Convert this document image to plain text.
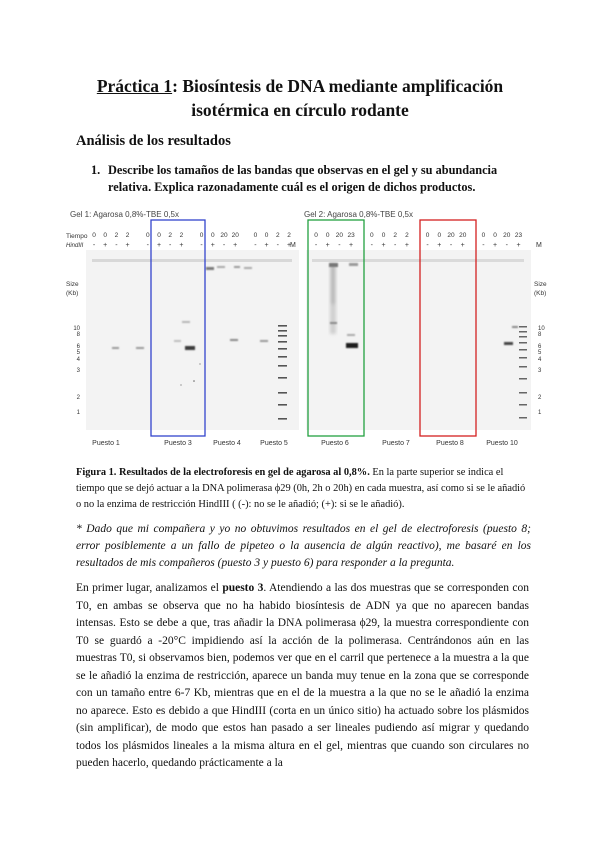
Práctica 1: Biosíntesis de DNA mediante amplificación
isotérmica en círculo rodante
Análisis de los resultados
1. Describe los tamaños de las bandas que observas en el gel y su abundancia relativa. Explica razonadamente cuál es el origen de dichos productos.
Gel 1: Agarosa 0,8%-TBE 0,5x
Tiempo
HindIII
0 0 2 2	0 0 2 2	0 0 20 20 0 0 2 2
- + - + - + - + - + - + - + - +
M
Gel 2: Agarosa 0,8%-TBE 0,5x
0 0 20 23 0 0 2 2	0 0 20 20 0 0 20 23
- + - + - + - + - + - + - + - + M
Size
(Kb)
Size
(Kb)
10
8
6
5
4
3
2
1
10
8
6
5
4
3
2
1
Puesto 1	Puesto 3	Puesto 4	Puesto 5	Puesto 6	Puesto 7	Puesto 8	Puesto 10
Figura 1. Resultados de la electroforesis en gel de agarosa al 0,8%. En la parte superior se indica el tiempo que se dejó actuar a la DNA polimerasa ϕ29 (0h, 2h o 20h) en cada muestra, así como si se le añadió o no la enzima de restricción HindIII ( (-): no se le añadió; (+): si se le añadió).
* Dado que mi compañera y yo no obtuvimos resultados en el gel de electroforesis (puesto 8; error posiblemente a un fallo de pipeteo o la ausencia de algún reactivo), me basaré en los resultados de mis compañeros (puesto 3 y puesto 6) para responder a la pregunta.
En primer lugar, analizamos el puesto 3. Atendiendo a las dos muestras que se corresponden con T0, en ambas se observa que no ha habido biosíntesis de ADN ya que no aparecen bandas intensas. Esto se debe a que, tras añadir la DNA polimerasa ϕ29, la muestra correspondiente con T0 se guardó a -20°C impidiendo así la acción de la polimerasa. Centrándonos aún en las muestras T0, si observamos bien, podemos ver que en el carril que pertenece a la muestra a la que se le añadió la enzima de restricción, aparece un banda muy tenue en la zona que se corresponde con un tamaño entre 6-7 Kb, mientras que en el de la muestra a la que no se le añadió la enzima no aparece. Esto es debido a que HindIII (corta en un único sitio) ha actuado sobre los plásmidos (sin amplificar), de modo que estos han pasado a ser lineales pudiendo así migrar y quedando todos los plásmidos lineales a la misma altura en el gel, mientras que cuando son circulares no pueden hacerlo, quedando prácticamente a la
